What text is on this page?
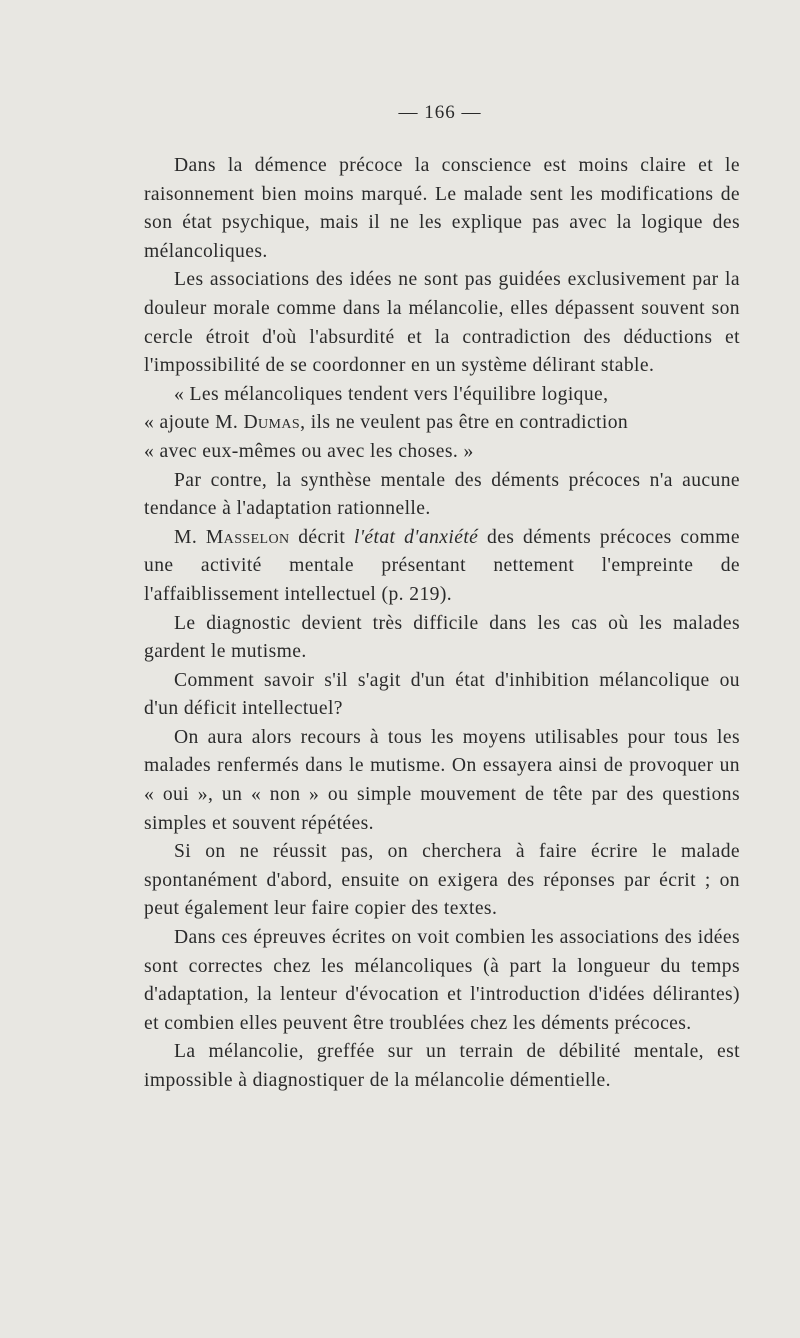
— 166 —

Dans la démence précoce la conscience est moins claire et le raisonnement bien moins marqué. Le malade sent les modifications de son état psychique, mais il ne les explique pas avec la logique des mélancoliques.

Les associations des idées ne sont pas guidées exclusivement par la douleur morale comme dans la mélancolie, elles dépassent souvent son cercle étroit d'où l'absurdité et la contradiction des déductions et l'impossibilité de se coordonner en un système délirant stable.

« Les mélancoliques tendent vers l'équilibre logique,

« ajoute M. Dumas, ils ne veulent pas être en contradiction

« avec eux-mêmes ou avec les choses. »

Par contre, la synthèse mentale des déments précoces n'a aucune tendance à l'adaptation rationnelle.

M. Masselon décrit l'état d'anxiété des déments précoces comme une activité mentale présentant nettement l'empreinte de l'affaiblissement intellectuel (p. 219).

Le diagnostic devient très difficile dans les cas où les malades gardent le mutisme.

Comment savoir s'il s'agit d'un état d'inhibition mélancolique ou d'un déficit intellectuel?

On aura alors recours à tous les moyens utilisables pour tous les malades renfermés dans le mutisme. On essayera ainsi de provoquer un « oui », un « non » ou simple mouvement de tête par des questions simples et souvent répétées.

Si on ne réussit pas, on cherchera à faire écrire le malade spontanément d'abord, ensuite on exigera des réponses par écrit ; on peut également leur faire copier des textes.

Dans ces épreuves écrites on voit combien les associations des idées sont correctes chez les mélancoliques (à part la longueur du temps d'adaptation, la lenteur d'évocation et l'introduction d'idées délirantes) et combien elles peuvent être troublées chez les déments précoces.

La mélancolie, greffée sur un terrain de débilité mentale, est impossible à diagnostiquer de la mélancolie démentielle.
